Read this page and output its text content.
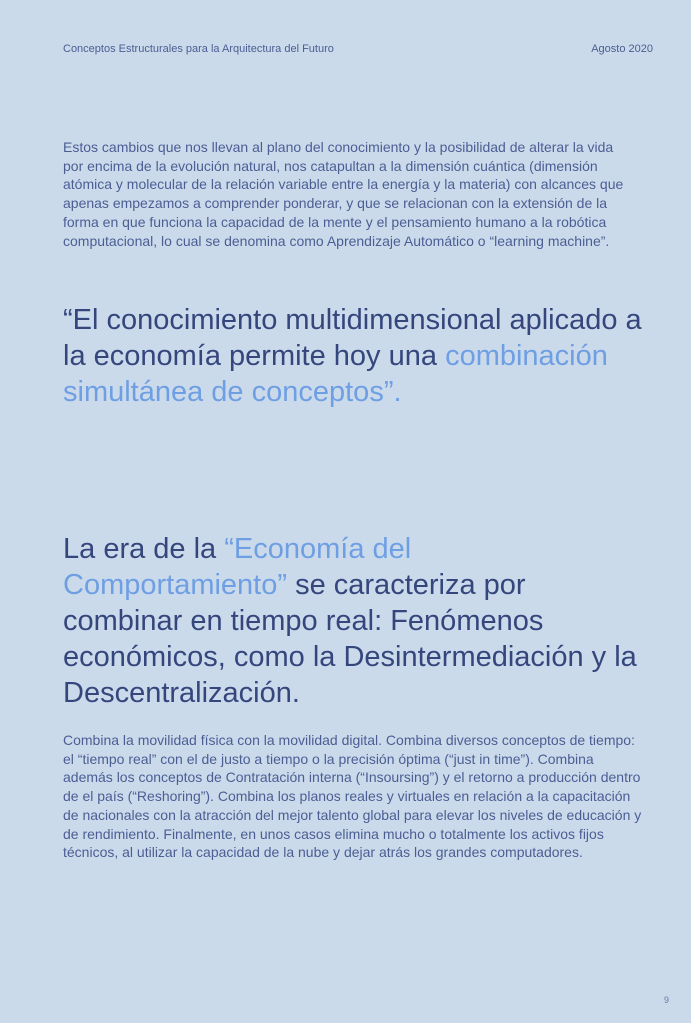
Conceptos Estructurales para la Arquitectura del Futuro	Agosto 2020

Estos cambios que nos llevan al plano del conocimiento y la posibilidad de alterar la vida por encima de la evolución natural, nos catapultan a la dimensión cuántica (dimensión atómica y molecular de la relación variable entre la energía y la materia) con alcances que apenas empezamos a comprender ponderar, y que se relacionan con la extensión de la forma en que funciona la capacidad de la mente y el pensamiento humano a la robótica computacional, lo cual se denomina como Aprendizaje Automático o “learning machine”.

“El conocimiento multidimensional aplicado a la economía permite hoy una combinación simultánea de conceptos”.
La era de la “Economía del Comportamiento” se caracteriza por combinar en tiempo real: Fenómenos económicos, como la Desintermediación y la Descentralización.

Combina la movilidad física con la movilidad digital. Combina diversos conceptos de tiempo: el “tiempo real” con el de justo a tiempo o la precisión óptima (“just in time”). Combina además los conceptos de Contratación interna (“Insoursing”) y el retorno a producción dentro de el país (“Reshoring”). Combina los planos reales y virtuales en relación a la capacitación de nacionales con la atracción del mejor talento global para elevar los niveles de educación y de rendimiento. Finalmente, en unos casos elimina mucho o totalmente los activos fijos técnicos, al utilizar la capacidad de la nube y dejar atrás los grandes computadores.

9
